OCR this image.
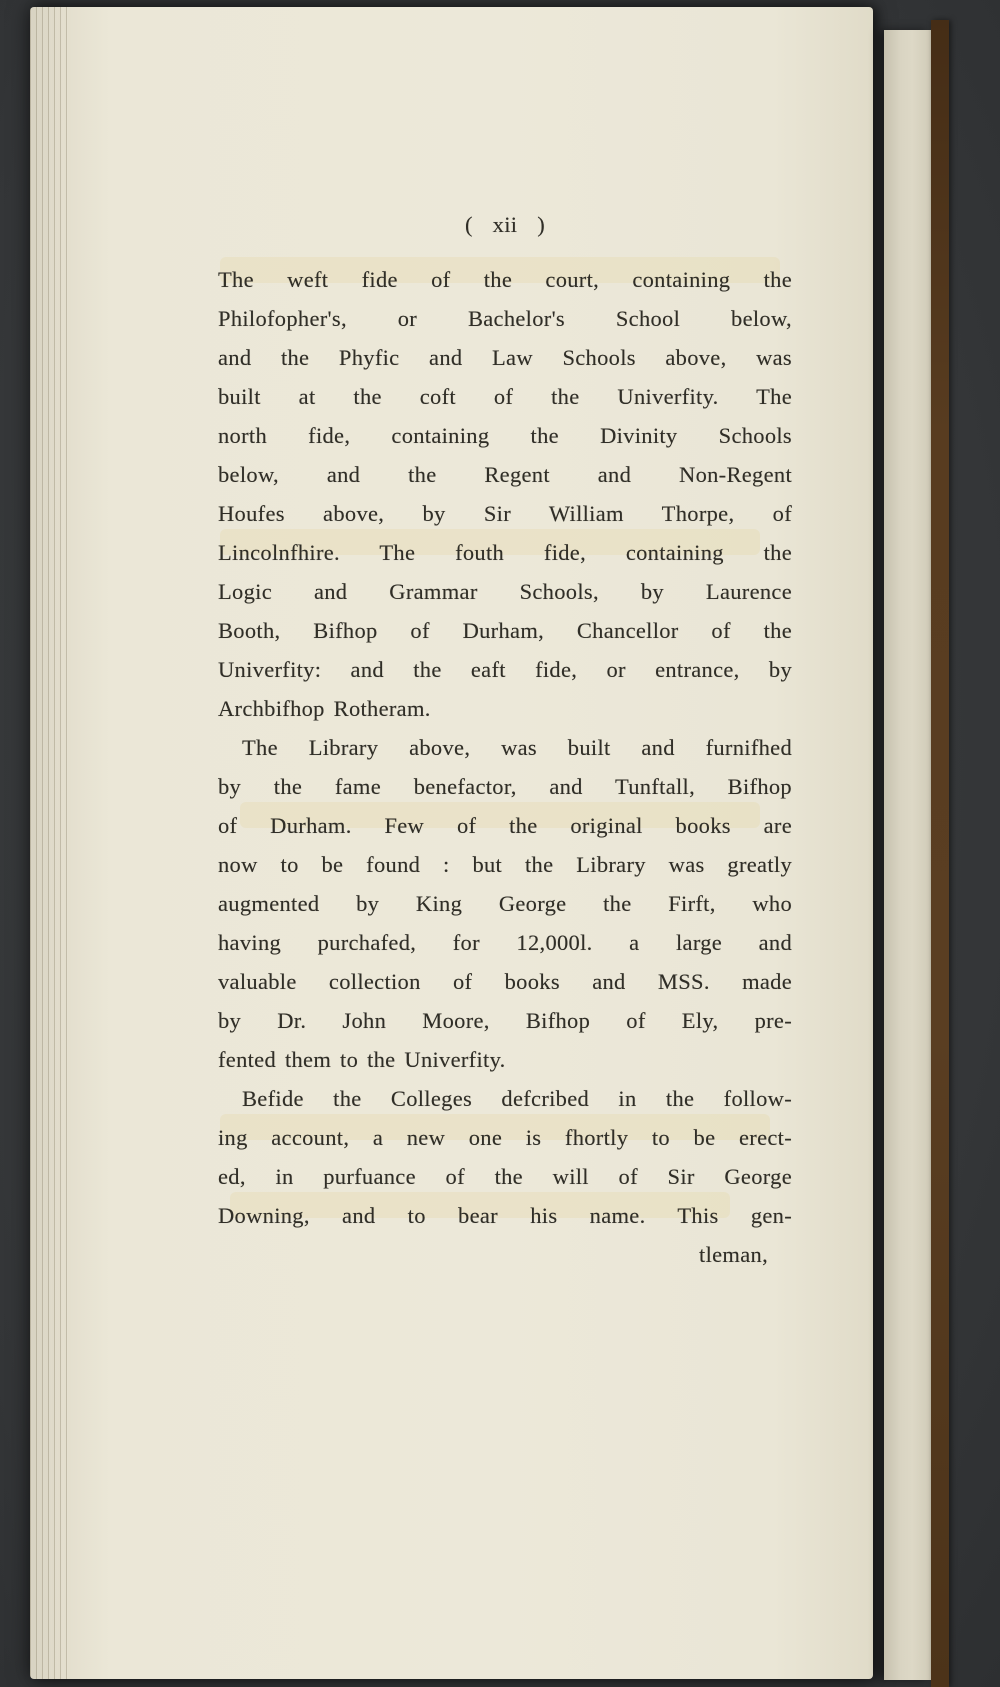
( xii )
The weft fide of the court, containing the
Philofopher's, or Bachelor's School below,
and the Phyfic and Law Schools above, was
built at the coft of the Univerfity. The
north fide, containing the Divinity Schools
below, and the Regent and Non-Regent
Houfes above, by Sir William Thorpe, of
Lincolnfhire. The fouth fide, containing the
Logic and Grammar Schools, by Laurence
Booth, Bifhop of Durham, Chancellor of the
Univerfity: and the eaft fide, or entrance, by
Archbifhop Rotheram.
The Library above, was built and furnifhed
by the fame benefactor, and Tunftall, Bifhop
of Durham. Few of the original books are
now to be found : but the Library was greatly
augmented by King George the Firft, who
having purchafed, for 12,000l. a large and
valuable collection of books and MSS. made
by Dr. John Moore, Bifhop of Ely, pre-
fented them to the Univerfity.
Befide the Colleges defcribed in the follow-
ing account, a new one is fhortly to be erect-
ed, in purfuance of the will of Sir George
Downing, and to bear his name. This gen-
tleman,
